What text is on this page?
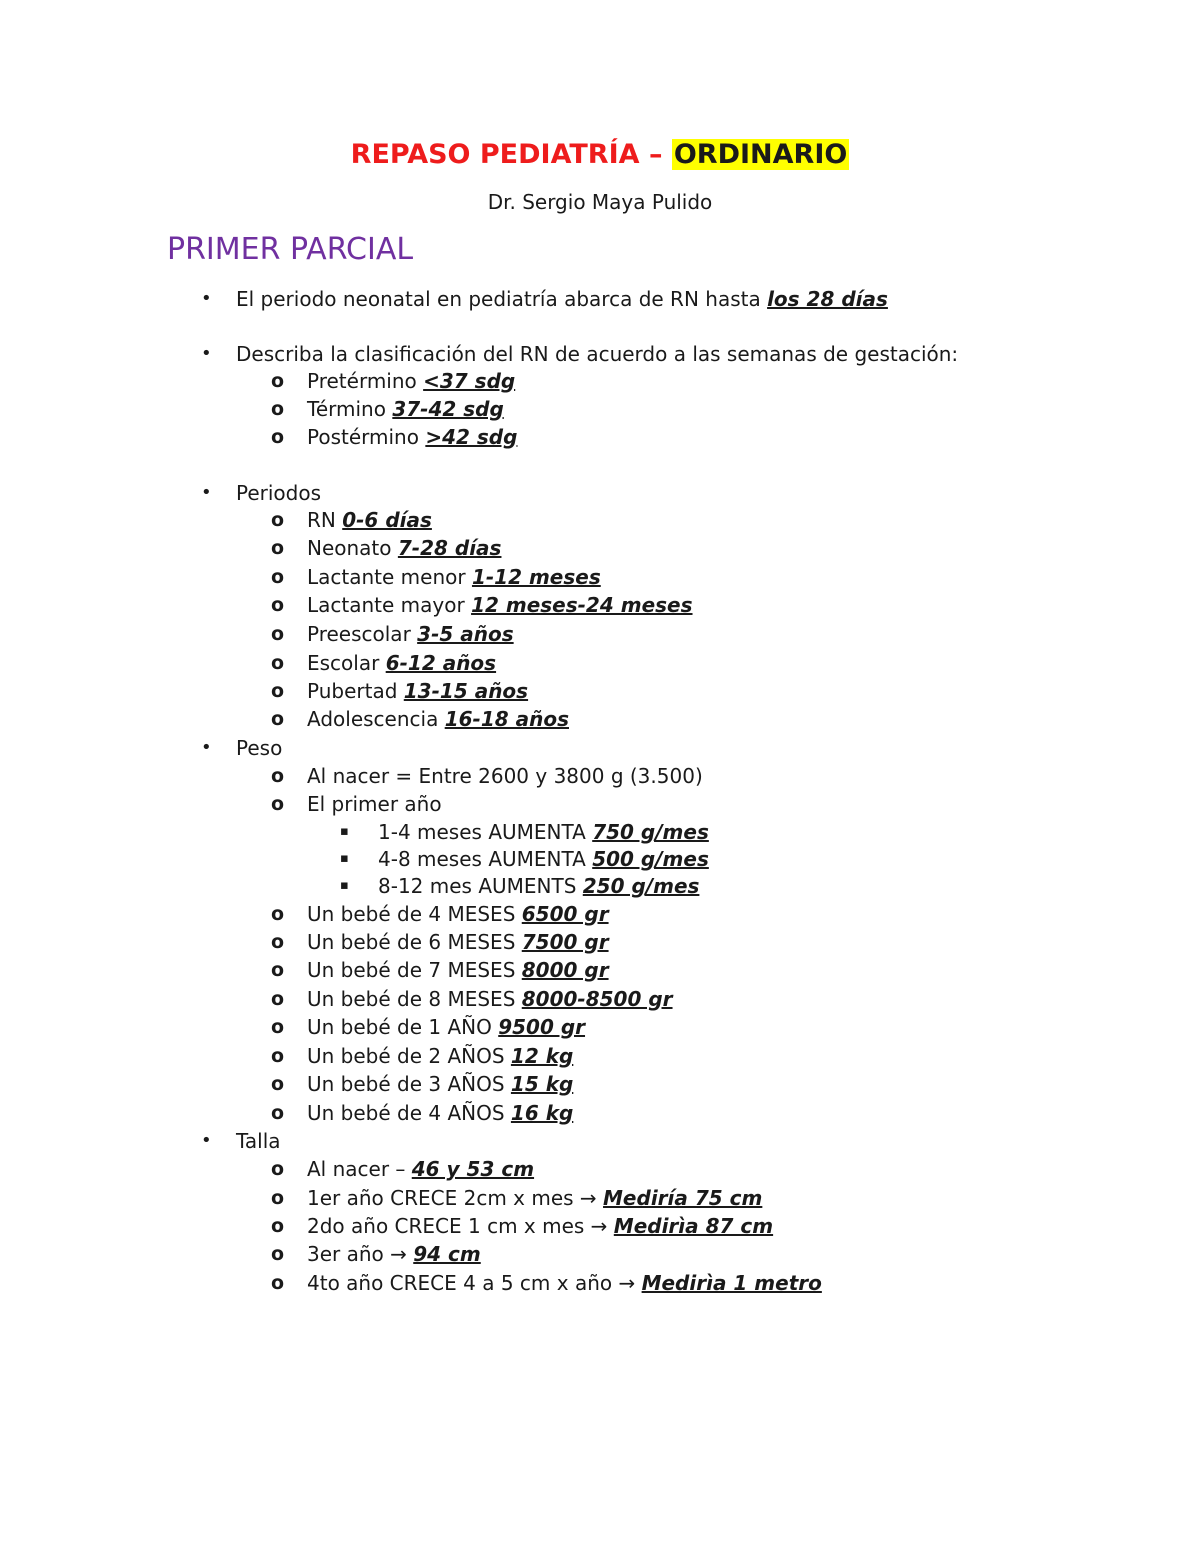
REPASO PEDIATRÍA – ORDINARIO
Dr. Sergio Maya Pulido
PRIMER PARCIAL
• El periodo neonatal en pediatría abarca de RN hasta los 28 días
• Describa la clasificación del RN de acuerdo a las semanas de gestación:
o Pretérmino <37 sdg
o Término 37-42 sdg
o Postérmino >42 sdg
• Periodos
o RN 0-6 días
o Neonato 7-28 días
o Lactante menor 1-12 meses
o Lactante mayor 12 meses-24 meses
o Preescolar 3-5 años
o Escolar 6-12 años
o Pubertad 13-15 años
o Adolescencia 16-18 años
• Peso
o Al nacer = Entre 2600 y 3800 g (3.500)
o El primer año
▪ 1-4 meses AUMENTA 750 g/mes
▪ 4-8 meses AUMENTA 500 g/mes
▪ 8-12 mes AUMENTS 250 g/mes
o Un bebé de 4 MESES 6500 gr
o Un bebé de 6 MESES 7500 gr
o Un bebé de 7 MESES 8000 gr
o Un bebé de 8 MESES 8000-8500 gr
o Un bebé de 1 AÑO 9500 gr
o Un bebé de 2 AÑOS 12 kg
o Un bebé de 3 AÑOS 15 kg
o Un bebé de 4 AÑOS 16 kg
• Talla
o Al nacer – 46 y 53 cm
o 1er año CRECE 2cm x mes → Mediría 75 cm
o 2do año CRECE 1 cm x mes → Medirìa 87 cm
o 3er año → 94 cm
o 4to año CRECE 4 a 5 cm x año → Medirìa 1 metro
